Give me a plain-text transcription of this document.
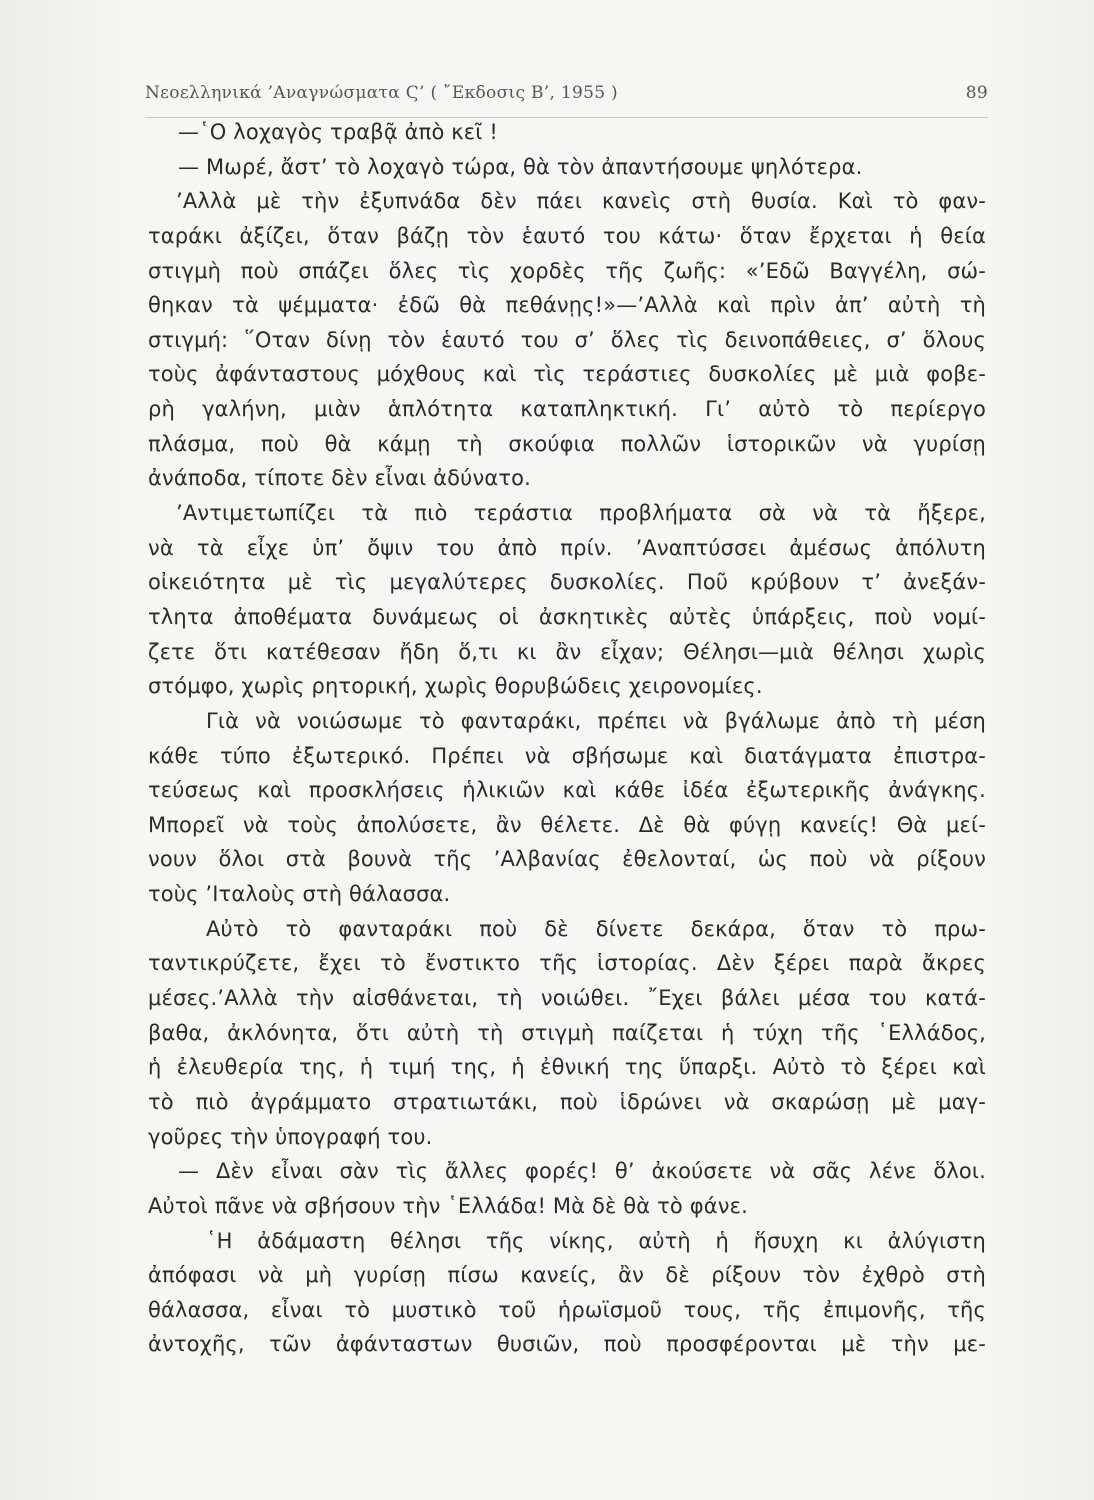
Νεοελληνικά ’Αναγνώσματα Ϛ’ ( ῎Εκδοσις Β’, 1955 )	89
—῾Ο λοχαγὸς τραβᾷ ἀπὸ κεῖ !
— Μωρέ, ἄστ’ τὸ λοχαγὸ τώρα, θὰ τὸν ἀπαντήσουμε ψηλότερα.
’Αλλὰ μὲ τὴν ἐξυπνάδα δὲν πάει κανεὶς στὴ θυσία. Καὶ τὸ φαν-
ταράκι ἀξίζει, ὅταν βάζῃ τὸν ἑαυτό του κάτω· ὅταν ἔρχεται ἡ θεία
στιγμὴ ποὺ σπάζει ὅλες τὶς χορδὲς τῆς ζωῆς: «’Εδῶ Βαγγέλη, σώ-
θηκαν τὰ ψέμματα· ἐδῶ θὰ πεθάνῃς!»—’Αλλὰ καὶ πρὶν ἀπ’ αὐτὴ τὴ
στιγμή: ῞Οταν δίνῃ τὸν ἑαυτό του σ’ ὅλες τὶς δεινοπάθειες, σ’ ὅλους
τοὺς ἀφάνταστους μόχθους καὶ τὶς τεράστιες δυσκολίες μὲ μιὰ φοβε-
ρὴ γαλήνη, μιὰν ἁπλότητα καταπληκτική. Γι’ αὐτὸ τὸ περίεργο
πλάσμα, ποὺ θὰ κάμῃ τὴ σκούφια πολλῶν ἱστορικῶν νὰ γυρίσῃ
ἀνάποδα, τίποτε δὲν εἶναι ἀδύνατο.
’Αντιμετωπίζει τὰ πιὸ τεράστια προβλήματα σὰ νὰ τὰ ἤξερε,
νὰ τὰ εἶχε ὑπ’ ὄψιν του ἀπὸ πρίν. ’Αναπτύσσει ἀμέσως ἀπόλυτη
οἰκειότητα μὲ τὶς μεγαλύτερες δυσκολίες. Ποῦ κρύβουν τ’ ἀνεξάν-
τλητα ἀποθέματα δυνάμεως οἱ ἀσκητικὲς αὐτὲς ὑπάρξεις, ποὺ νομί-
ζετε ὅτι κατέθεσαν ἤδη ὅ,τι κι ἂν εἶχαν; Θέλησι—μιὰ θέλησι χωρὶς
στόμφο, χωρὶς ρητορική, χωρὶς θορυβώδεις χειρονομίες.
Γιὰ νὰ νοιώσωμε τὸ φανταράκι, πρέπει νὰ βγάλωμε ἀπὸ τὴ μέση
κάθε τύπο ἐξωτερικό. Πρέπει νὰ σβήσωμε καὶ διατάγματα ἐπιστρα-
τεύσεως καὶ προσκλήσεις ἡλικιῶν καὶ κάθε ἰδέα ἐξωτερικῆς ἀνάγκης.
Μπορεῖ νὰ τοὺς ἀπολύσετε, ἂν θέλετε. Δὲ θὰ φύγῃ κανείς! Θὰ μεί-
νουν ὅλοι στὰ βουνὰ τῆς ’Αλβανίας ἐθελονταί, ὡς ποὺ νὰ ρίξουν
τοὺς ’Ιταλοὺς στὴ θάλασσα.
Αὐτὸ τὸ φανταράκι ποὺ δὲ δίνετε δεκάρα, ὅταν τὸ πρω-
ταντικρύζετε, ἔχει τὸ ἔνστικτο τῆς ἱστορίας. Δὲν ξέρει παρὰ ἄκρες
μέσες.’Αλλὰ τὴν αἰσθάνεται, τὴ νοιώθει. ῎Εχει βάλει μέσα του κατά-
βαθα, ἀκλόνητα, ὅτι αὐτὴ τὴ στιγμὴ παίζεται ἡ τύχη τῆς ῾Ελλάδος,
ἡ ἐλευθερία της, ἡ τιμή της, ἡ ἐθνική της ὕπαρξι. Αὐτὸ τὸ ξέρει καὶ
τὸ πιὸ ἀγράμματο στρατιωτάκι, ποὺ ἱδρώνει νὰ σκαρώσῃ μὲ μαγ-
γοῦρες τὴν ὑπογραφή του.
— Δὲν εἶναι σὰν τὶς ἄλλες φορές! θ’ ἀκούσετε νὰ σᾶς λένε ὅλοι.
Αὐτοὶ πᾶνε νὰ σβήσουν τὴν ῾Ελλάδα! Μὰ δὲ θὰ τὸ φάνε.
῾Η ἀδάμαστη θέλησι τῆς νίκης, αὐτὴ ἡ ἥσυχη κι ἀλύγιστη
ἀπόφασι νὰ μὴ γυρίσῃ πίσω κανείς, ἂν δὲ ρίξουν τὸν ἐχθρὸ στὴ
θάλασσα, εἶναι τὸ μυστικὸ τοῦ ἡρωϊσμοῦ τους, τῆς ἐπιμονῆς, τῆς
ἀντοχῆς, τῶν ἀφάνταστων θυσιῶν, ποὺ προσφέρονται μὲ τὴν με-
